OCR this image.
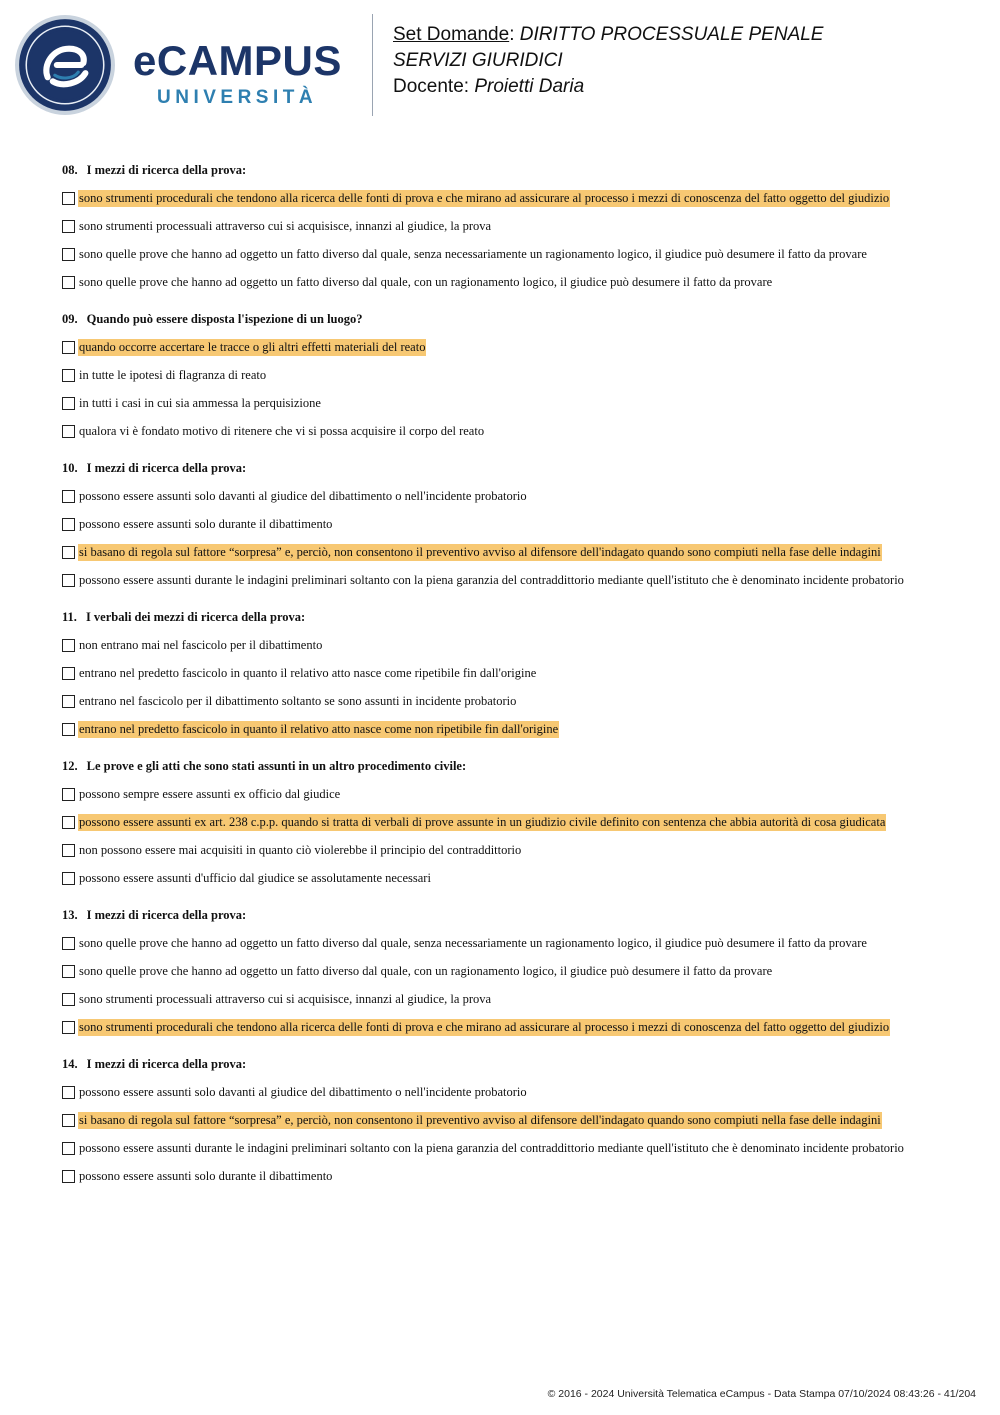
eCAMPUS
UNIVERSITÀ
Set Domande: DIRITTO PROCESSUALE PENALE
SERVIZI GIURIDICI
Docente: Proietti Daria
08. I mezzi di ricerca della prova:
sono strumenti procedurali che tendono alla ricerca delle fonti di prova e che mirano ad assicurare al processo i mezzi di conoscenza del fatto oggetto del giudizio
sono strumenti processuali attraverso cui si acquisisce, innanzi al giudice, la prova
sono quelle prove che hanno ad oggetto un fatto diverso dal quale, senza necessariamente un ragionamento logico, il giudice può desumere il fatto da provare
sono quelle prove che hanno ad oggetto un fatto diverso dal quale, con un ragionamento logico, il giudice può desumere il fatto da provare
09. Quando può essere disposta l'ispezione di un luogo?
quando occorre accertare le tracce o gli altri effetti materiali del reato
in tutte le ipotesi di flagranza di reato
in tutti i casi in cui sia ammessa la perquisizione
qualora vi è fondato motivo di ritenere che vi si possa acquisire il corpo del reato
10. I mezzi di ricerca della prova:
possono essere assunti solo davanti al giudice del dibattimento o nell'incidente probatorio
possono essere assunti solo durante il dibattimento
si basano di regola sul fattore “sorpresa” e, perciò, non consentono il preventivo avviso al difensore dell'indagato quando sono compiuti nella fase delle indagini
possono essere assunti durante le indagini preliminari soltanto con la piena garanzia del contraddittorio mediante quell'istituto che è denominato incidente probatorio
11. I verbali dei mezzi di ricerca della prova:
non entrano mai nel fascicolo per il dibattimento
entrano nel predetto fascicolo in quanto il relativo atto nasce come ripetibile fin dall'origine
entrano nel fascicolo per il dibattimento soltanto se sono assunti in incidente probatorio
entrano nel predetto fascicolo in quanto il relativo atto nasce come non ripetibile fin dall'origine
12. Le prove e gli atti che sono stati assunti in un altro procedimento civile:
possono sempre essere assunti ex officio dal giudice
possono essere assunti ex art. 238 c.p.p. quando si tratta di verbali di prove assunte in un giudizio civile definito con sentenza che abbia autorità di cosa giudicata
non possono essere mai acquisiti in quanto ciò violerebbe il principio del contraddittorio
possono essere assunti d'ufficio dal giudice se assolutamente necessari
13. I mezzi di ricerca della prova:
sono quelle prove che hanno ad oggetto un fatto diverso dal quale, senza necessariamente un ragionamento logico, il giudice può desumere il fatto da provare
sono quelle prove che hanno ad oggetto un fatto diverso dal quale, con un ragionamento logico, il giudice può desumere il fatto da provare
sono strumenti processuali attraverso cui si acquisisce, innanzi al giudice, la prova
sono strumenti procedurali che tendono alla ricerca delle fonti di prova e che mirano ad assicurare al processo i mezzi di conoscenza del fatto oggetto del giudizio
14. I mezzi di ricerca della prova:
possono essere assunti solo davanti al giudice del dibattimento o nell'incidente probatorio
si basano di regola sul fattore “sorpresa” e, perciò, non consentono il preventivo avviso al difensore dell'indagato quando sono compiuti nella fase delle indagini
possono essere assunti durante le indagini preliminari soltanto con la piena garanzia del contraddittorio mediante quell'istituto che è denominato incidente probatorio
possono essere assunti solo durante il dibattimento
© 2016 - 2024 Università Telematica eCampus - Data Stampa 07/10/2024 08:43:26 - 41/204
